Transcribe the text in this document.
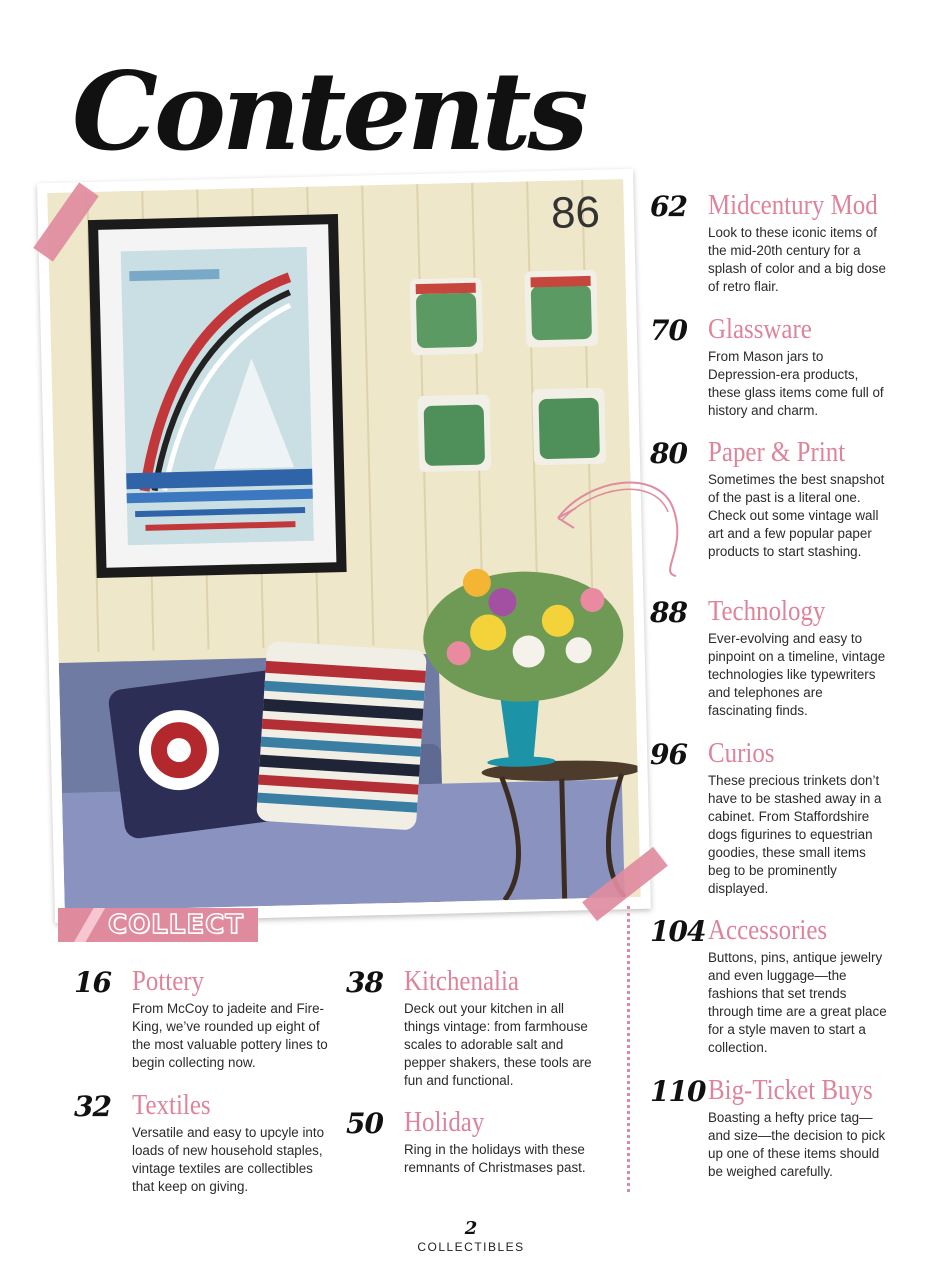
Contents
86
COLLECT
62 Midcentury Mod
Look to these iconic items of the mid-20th century for a splash of color and a big dose of retro flair.
70 Glassware
From Mason jars to Depression-era products, these glass items come full of history and charm.
80 Paper & Print
Sometimes the best snapshot of the past is a literal one. Check out some vintage wall art and a few popular paper products to start stashing.
88 Technology
Ever-evolving and easy to pinpoint on a timeline, vintage technologies like typewriters and telephones are fascinating finds.
96 Curios
These precious trinkets don’t have to be stashed away in a cabinet. From Staffordshire dogs figurines to equestrian goodies, these small items beg to be prominently displayed.
104 Accessories
Buttons, pins, antique jewelry and even luggage—the fashions that set trends through time are a great place for a style maven to start a collection.
110 Big-Ticket Buys
Boasting a hefty price tag—and size—the decision to pick up one of these items should be weighed carefully.
16 Pottery
From McCoy to jadeite and Fire-King, we’ve rounded up eight of the most valuable pottery lines to begin collecting now.
32 Textiles
Versatile and easy to upcyle into loads of new household staples, vintage textiles are collectibles that keep on giving.
38 Kitchenalia
Deck out your kitchen in all things vintage: from farmhouse scales to adorable salt and pepper shakers, these tools are fun and functional.
50 Holiday
Ring in the holidays with these remnants of Christmases past.
2
COLLECTIBLES
